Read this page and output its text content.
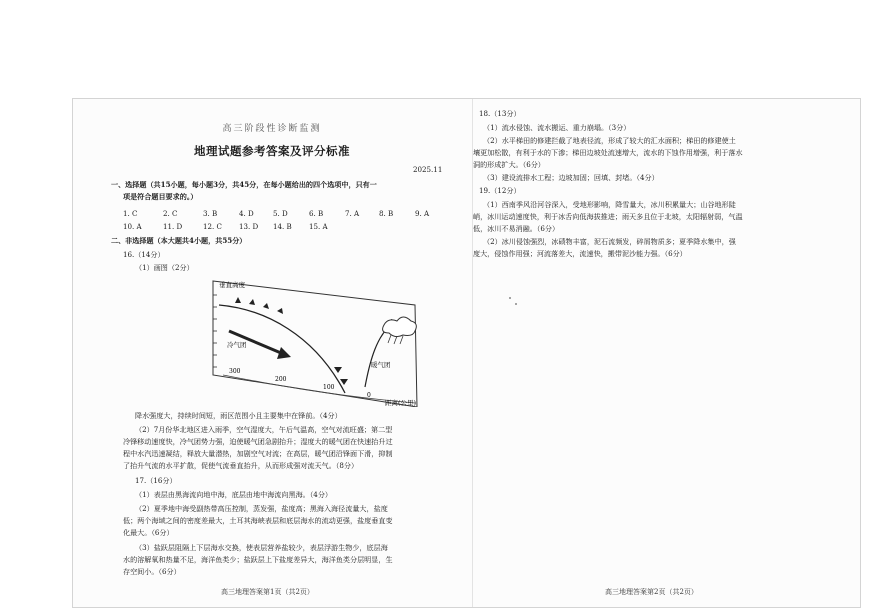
高三阶段性诊断监测
地理试题参考答案及评分标准
2025.11
一、选择题（共15小题，每小题3分，共45分，在每小题给出的四个选项中，只有一
项是符合题目要求的。）
1. C	2. C	3. B	4. D	5. D	6. B	7. A	8. B	9. A
10. A	11. D	12. C 13. D 14. B 15. A
二、非选择题（本大题共4小题，共55分）
16.（14分）
（1）画图（2分）
垂直高度
冷气团
暖气团
距离(公里)
300
200
100
0
降水强度大，持续时间短，雨区范围小且主要集中在锋前。（4分）
（2）7月份华北地区进入雨季，空气湿度大，午后气温高，空气对流旺盛；第二型
冷锋移动速度快，冷气团势力强，迫使暖气团急剧抬升；湿度大的暖气团在快速抬升过
程中水汽迅速凝结，释放大量潜热，加剧空气对流；在高层，暖气团沿锋面下滑，抑制
了抬升气流的水平扩散，促使气流垂直抬升，从而形成强对流天气。（8分）
17.（16分）
（1）表层由黑海流向地中海，底层由地中海流向黑海。（4分）
（2）夏季地中海受副热带高压控制，蒸发强，盐度高；黑海入海径流量大，盐度
低；两个海域之间的密度差最大，土耳其海峡表层和底层海水的流动更强，盐度垂直变
化最大。（6分）
（3）盐跃层阻隔上下层海水交换，使表层营养盐较少，表层浮游生物少，底层海
水的溶解氧和热量不足，海洋鱼类少；盐跃层上下盐度差异大，海洋鱼类分层明显，生
存空间小。（6分）
高三地理答案第1页（共2页）
18.（13分）
（1）流水侵蚀、流水搬运、重力崩塌。（3分）
（2）水平梯田的修建拦截了地表径流，形成了较大的汇水面积；梯田的修建使土
壤更加松散，有利于水的下渗；梯田边坡处流速增大，流水的下蚀作用增强，利于落水
洞的形成扩大。（6分）
（3）建设流排水工程；边坡加固；回填、封堵。（4分）
19.（12分）
（1）西南季风沿河谷深入，受地形影响，降雪量大，冰川积累量大；山谷地形陡
峭，冰川运动速度快，利于冰舌向低海拔推进；雨天多且位于北坡，太阳辐射弱，气温
低，冰川不易消融。（6分）
（2）冰川侵蚀强烈，冰碛物丰富，泥石流频发，碎屑物质多；夏季降水集中，强
度大，侵蚀作用强；河流落差大，流速快，搬带泥沙能力强。（6分）
高三地理答案第2页（共2页）
